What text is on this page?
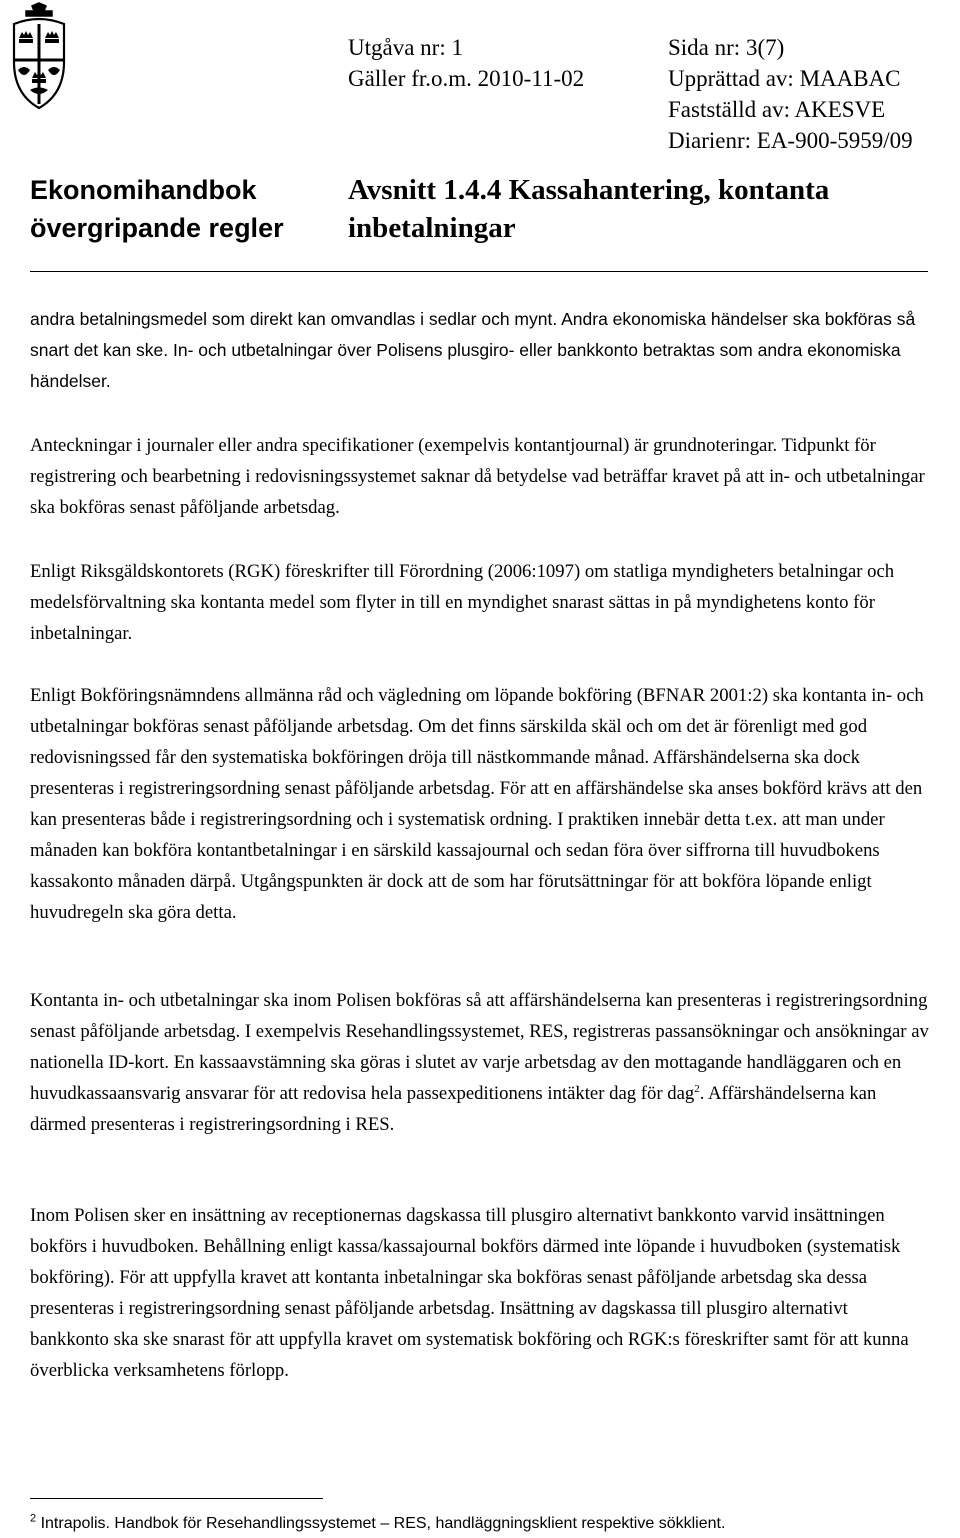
Utgåva nr: 1
Gäller fr.o.m. 2010-11-02
Sida nr: 3(7)
Upprättad av: MAABAC
Fastställd av: AKESVE
Diarienr: EA-900-5959/09
Ekonomihandbok
övergripande regler
Avsnitt 1.4.4 Kassahantering, kontanta
inbetalningar

andra betalningsmedel som direkt kan omvandlas i sedlar och mynt. Andra ekonomiska händelser ska bokföras så snart det kan ske. In- och utbetalningar över Polisens plusgiro- eller bankkonto betraktas som andra ekonomiska händelser.

Anteckningar i journaler eller andra specifikationer (exempelvis kontantjournal) är grundnoteringar. Tidpunkt för registrering och bearbetning i redovisningssystemet saknar då betydelse vad beträffar kravet på att in- och utbetalningar ska bokföras senast påföljande arbetsdag.

Enligt Riksgäldskontorets (RGK) föreskrifter till Förordning (2006:1097) om statliga myndigheters betalningar och medelsförvaltning ska kontanta medel som flyter in till en myndighet snarast sättas in på myndighetens konto för inbetalningar.

Enligt Bokföringsnämndens allmänna råd och vägledning om löpande bokföring (BFNAR 2001:2) ska kontanta in- och utbetalningar bokföras senast påföljande arbetsdag. Om det finns särskilda skäl och om det är förenligt med god redovisningssed får den systematiska bokföringen dröja till nästkommande månad. Affärshändelserna ska dock presenteras i registreringsordning senast påföljande arbetsdag. För att en affärshändelse ska anses bokförd krävs att den kan presenteras både i registreringsordning och i systematisk ordning. I praktiken innebär detta t.ex. att man under månaden kan bokföra kontantbetalningar i en särskild kassajournal och sedan föra över siffrorna till huvudbokens kassakonto månaden därpå. Utgångspunkten är dock att de som har förutsättningar för att bokföra löpande enligt huvudregeln ska göra detta.

Kontanta in- och utbetalningar ska inom Polisen bokföras så att affärshändelserna kan presenteras i registreringsordning senast påföljande arbetsdag. I exempelvis Resehandlingssystemet, RES, registreras passansökningar och ansökningar av nationella ID-kort. En kassaavstämning ska göras i slutet av varje arbetsdag av den mottagande handläggaren och en huvudkassaansvarig ansvarar för att redovisa hela passexpeditionens intäkter dag för dag$^2$. Affärshändelserna kan därmed presenteras i registreringsordning i RES.

Inom Polisen sker en insättning av receptionernas dagskassa till plusgiro alternativt bankkonto varvid insättningen bokförs i huvudboken. Behållning enligt kassa/kassajournal bokförs därmed inte löpande i huvudboken (systematisk bokföring). För att uppfylla kravet att kontanta inbetalningar ska bokföras senast påföljande arbetsdag ska dessa presenteras i registreringsordning senast påföljande arbetsdag. Insättning av dagskassa till plusgiro alternativt bankkonto ska ske snarast för att uppfylla kravet om systematisk bokföring och RGK:s föreskrifter samt för att kunna överblicka verksamhetens förlopp.

$^2$ Intrapolis. Handbok för Resehandlingssystemet – RES, handläggningsklient respektive sökklient.
